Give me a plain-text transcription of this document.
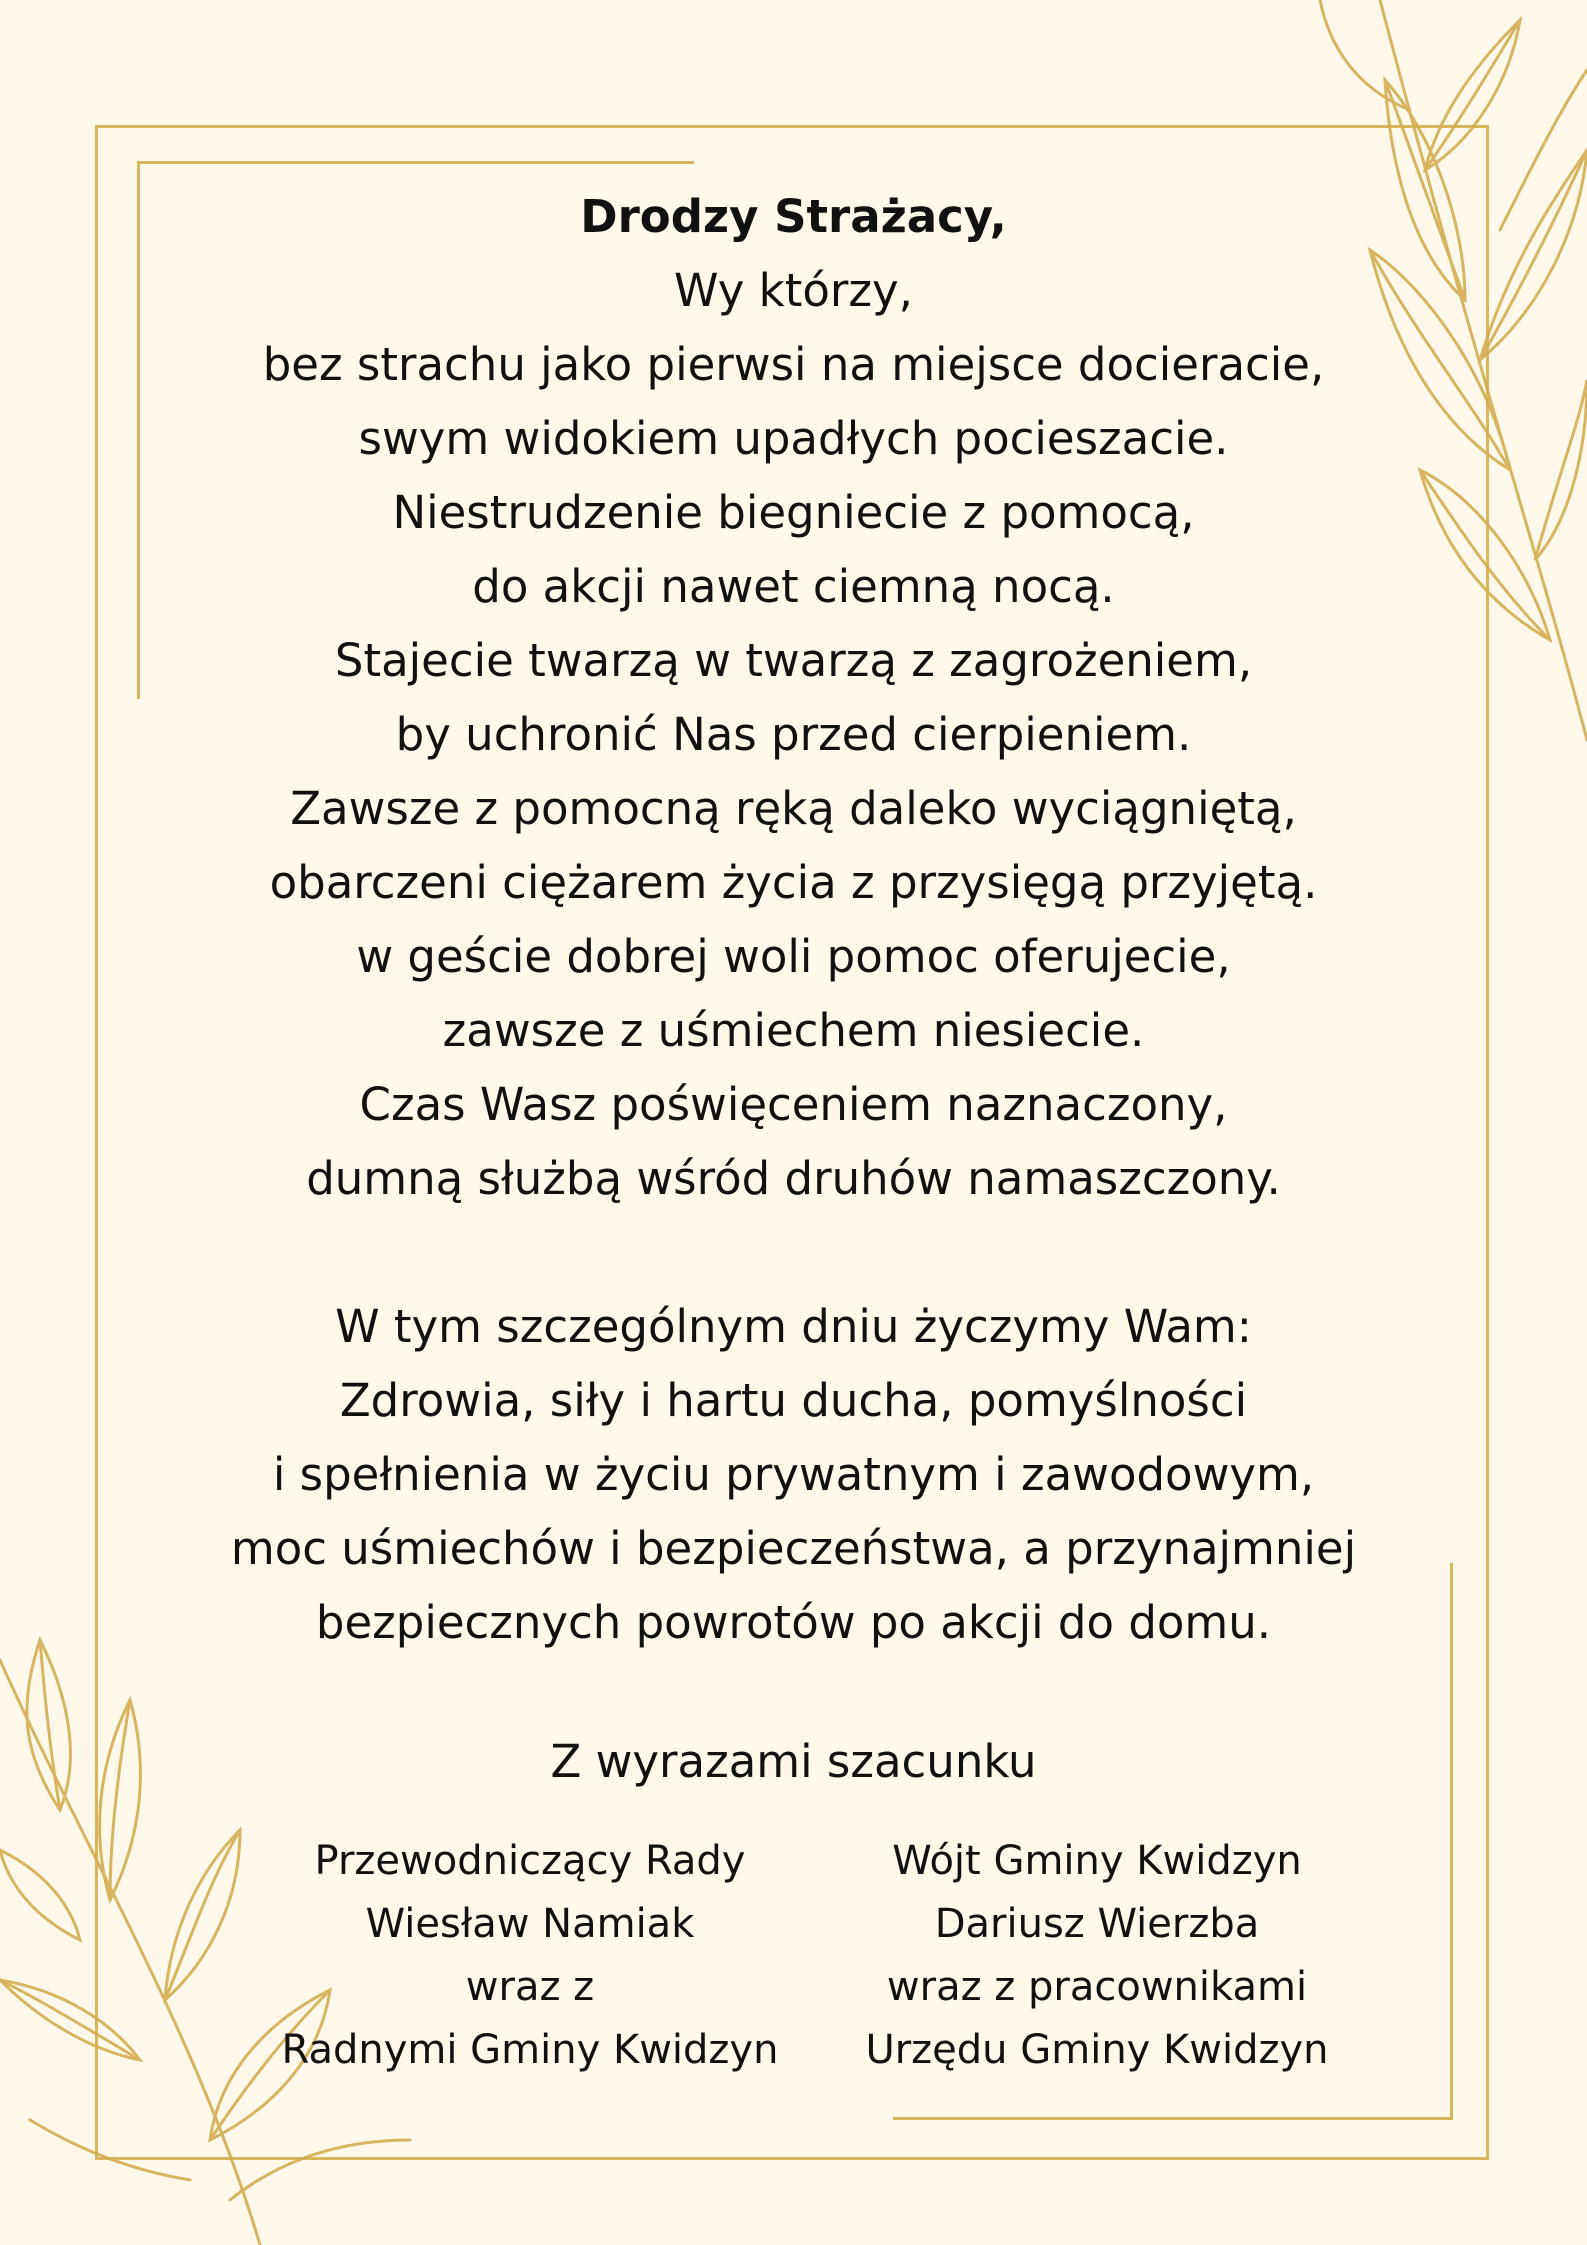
Drodzy Strażacy,
Wy którzy,
bez strachu jako pierwsi na miejsce docieracie,
swym widokiem upadłych pocieszacie.
Niestrudzenie biegniecie z pomocą,
do akcji nawet ciemną nocą.
Stajecie twarzą w twarzą z zagrożeniem,
by uchronić Nas przed cierpieniem.
Zawsze z pomocną ręką daleko wyciągniętą,
obarczeni ciężarem życia z przysięgą przyjętą.
w geście dobrej woli pomoc oferujecie,
zawsze z uśmiechem niesiecie.
Czas Wasz poświęceniem naznaczony,
dumną służbą wśród druhów namaszczony.
W tym szczególnym dniu życzymy Wam:
Zdrowia, siły i hartu ducha, pomyślności
i spełnienia w życiu prywatnym i zawodowym,
moc uśmiechów i bezpieczeństwa, a przynajmniej
bezpiecznych powrotów po akcji do domu.
Z wyrazami szacunku
Przewodniczący Rady
Wiesław Namiak
wraz z
Radnymi Gminy Kwidzyn
Wójt Gminy Kwidzyn
Dariusz Wierzba
wraz z pracownikami
Urzędu Gminy Kwidzyn
